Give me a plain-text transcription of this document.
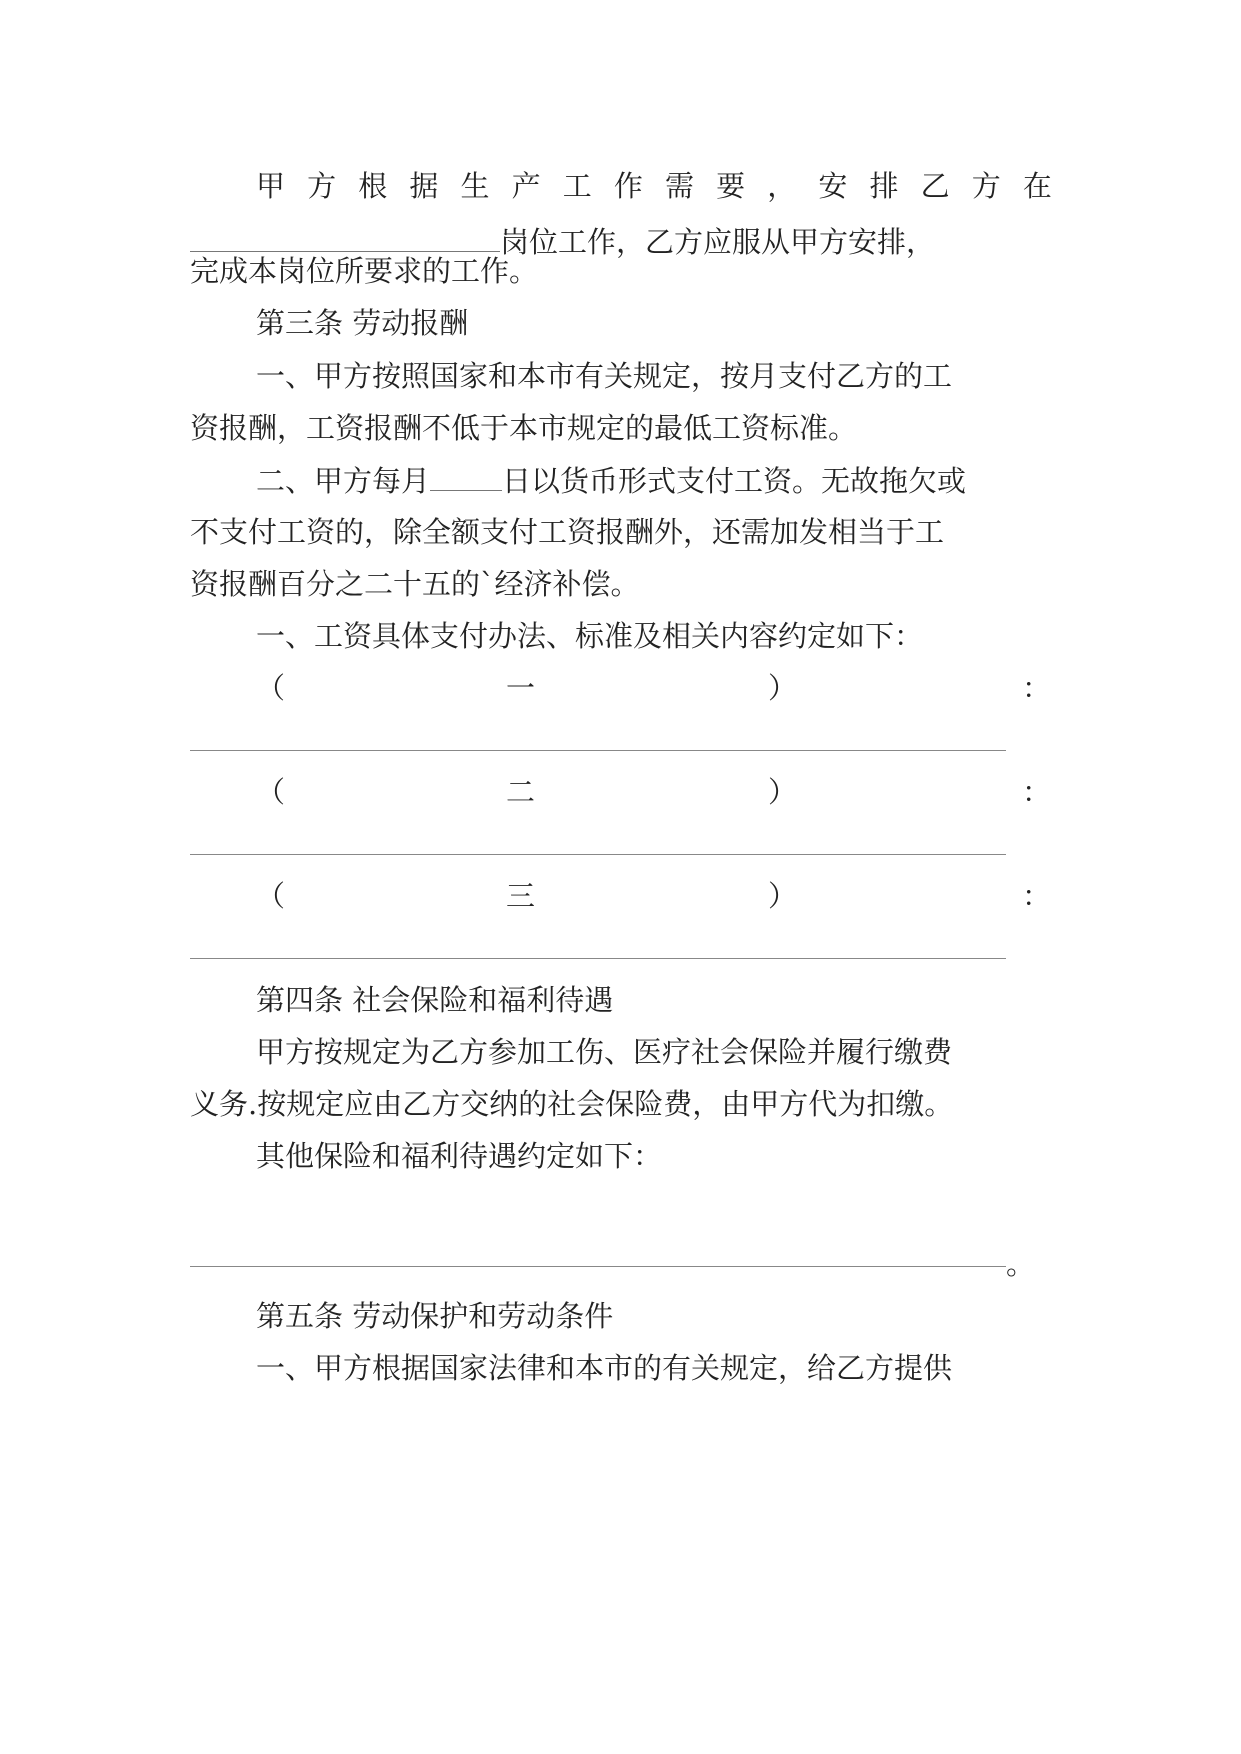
甲 方 根 据 生 产 工 作 需 要 ， 安 排 乙 方 在
岗位工作，乙方应服从甲方安排，
完成本岗位所要求的工作。
第三条 劳动报酬
一、甲方按照国家和本市有关规定，按月支付乙方的工
资报酬，工资报酬不低于本市规定的最低工资标准。
二、甲方每月 日以货币形式支付工资。无故拖欠或
不支付工资的，除全额支付工资报酬外，还需加发相当于工
资报酬百分之二十五的`经济补偿。
一、工资具体支付办法、标准及相关内容约定如下：
（	一	）	：
（	二	）	：
（	三	）	：
第四条 社会保险和福利待遇
甲方按规定为乙方参加工伤、医疗社会保险并履行缴费
义务.按规定应由乙方交纳的社会保险费，由甲方代为扣缴。
其他保险和福利待遇约定如下：
。
第五条 劳动保护和劳动条件
一、甲方根据国家法律和本市的有关规定，给乙方提供
